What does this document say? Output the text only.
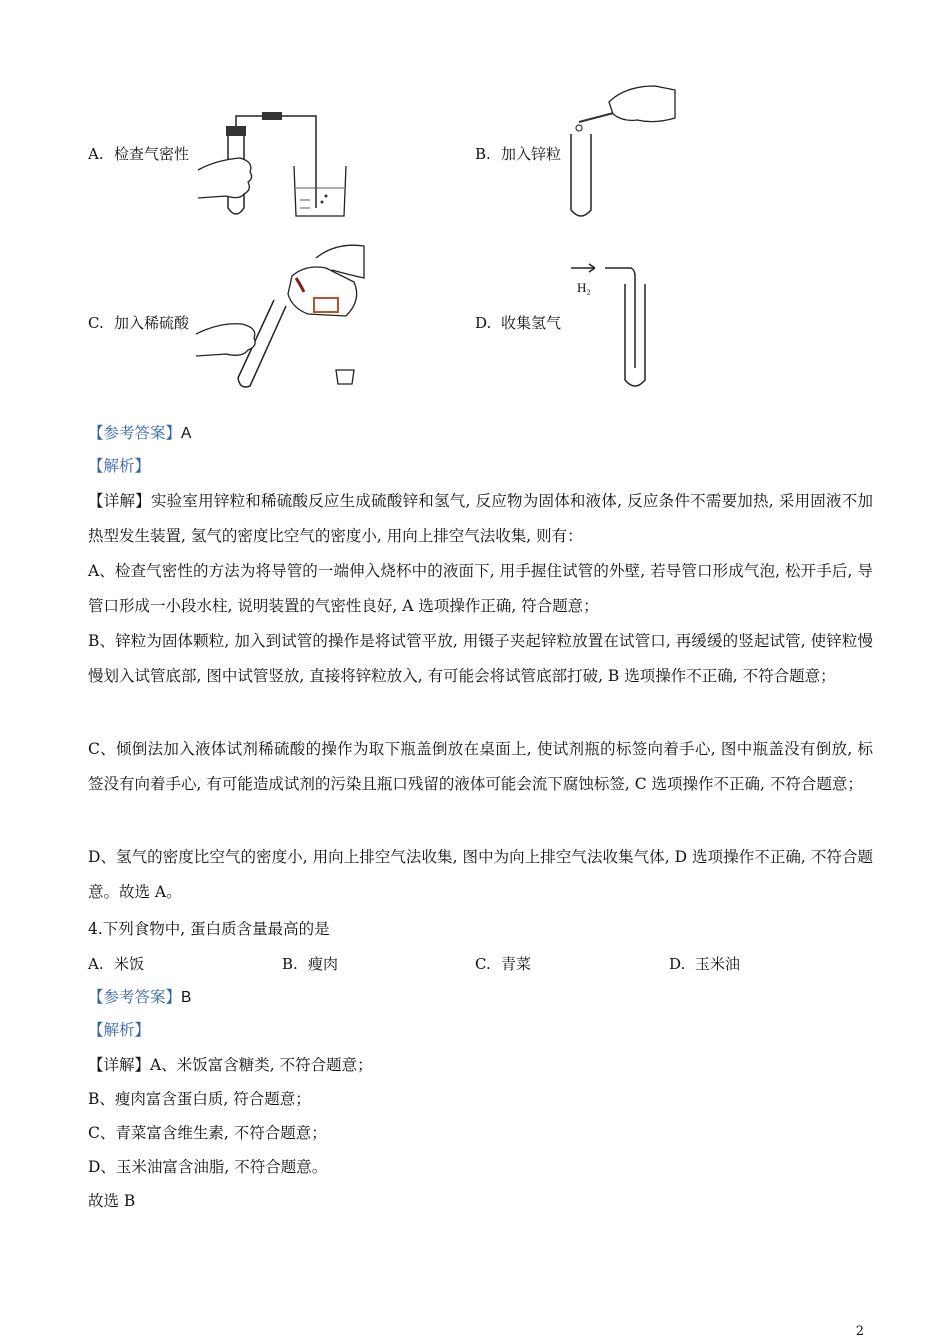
A. 检查气密性	B. 加入锌粒
C. 加入稀硫酸	D. 收集氢气
H₂
【参考答案】A
【解析】
【详解】实验室用锌粒和稀硫酸反应生成硫酸锌和氢气, 反应物为固体和液体, 反应条件不需要加热, 采用固液不加热型发生装置, 氢气的密度比空气的密度小, 用向上排空气法收集, 则有：
A、检查气密性的方法为将导管的一端伸入烧杯中的液面下, 用手握住试管的外壁, 若导管口形成气泡, 松开手后, 导管口形成一小段水柱, 说明装置的气密性良好, A 选项操作正确, 符合题意；
B、锌粒为固体颗粒, 加入到试管的操作是将试管平放, 用镊子夹起锌粒放置在试管口, 再缓缓的竖起试管, 使锌粒慢慢划入试管底部, 图中试管竖放, 直接将锌粒放入, 有可能会将试管底部打破, B 选项操作不正确, 不符合题意；
C、倾倒法加入液体试剂稀硫酸的操作为取下瓶盖倒放在桌面上, 使试剂瓶的标签向着手心, 图中瓶盖没有倒放, 标签没有向着手心, 有可能造成试剂的污染且瓶口残留的液体可能会流下腐蚀标签, C 选项操作不正确, 不符合题意；
D、氢气的密度比空气的密度小, 用向上排空气法收集, 图中为向上排空气法收集气体, D 选项操作不正确, 不符合题意。故选 A。
4.下列食物中, 蛋白质含量最高的是
A. 米饭	B. 瘦肉	C. 青菜	D. 玉米油
【参考答案】B
【解析】
【详解】A、米饭富含糖类, 不符合题意；
B、瘦肉富含蛋白质, 符合题意；
C、青菜富含维生素, 不符合题意；
D、玉米油富含油脂, 不符合题意。
故选 B
2
